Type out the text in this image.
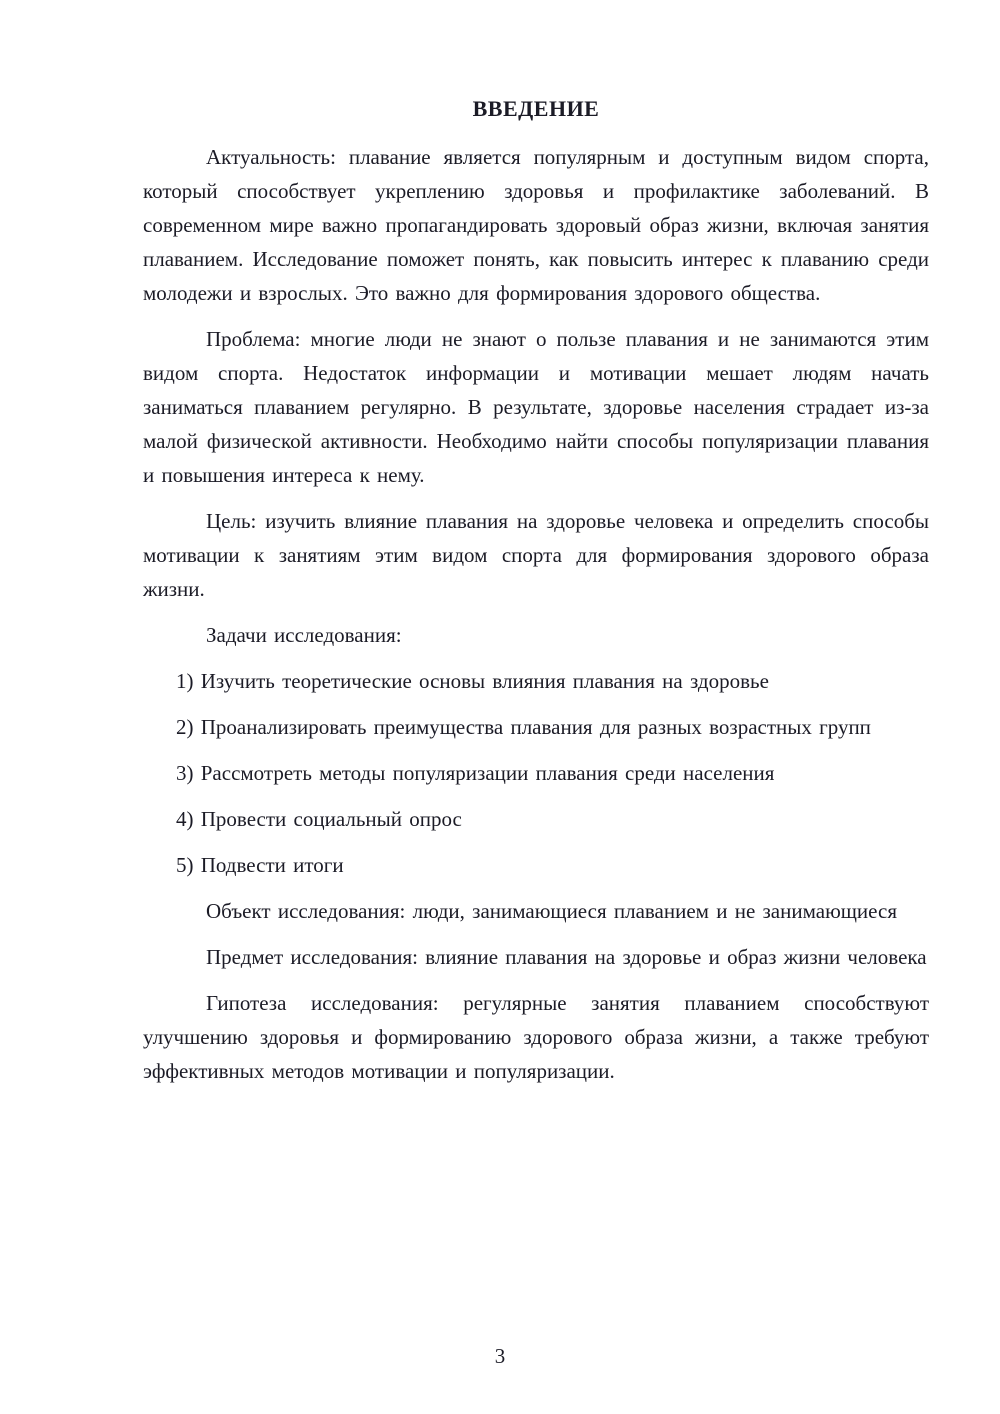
ВВЕДЕНИЕ

Актуальность: плавание является популярным и доступным видом спорта, который способствует укреплению здоровья и профилактике заболеваний. В современном мире важно пропагандировать здоровый образ жизни, включая занятия плаванием. Исследование поможет понять, как повысить интерес к плаванию среди молодежи и взрослых. Это важно для формирования здорового общества.

Проблема: многие люди не знают о пользе плавания и не занимаются этим видом спорта. Недостаток информации и мотивации мешает людям начать заниматься плаванием регулярно. В результате, здоровье населения страдает из-за малой физической активности. Необходимо найти способы популяризации плавания и повышения интереса к нему.

Цель: изучить влияние плавания на здоровье человека и определить способы мотивации к занятиям этим видом спорта для формирования здорового образа жизни.

Задачи исследования:

1) Изучить теоретические основы влияния плавания на здоровье

2) Проанализировать преимущества плавания для разных возрастных групп

3) Рассмотреть методы популяризации плавания среди населения

4) Провести социальный опрос

5) Подвести итоги

Объект исследования: люди, занимающиеся плаванием и не занимающиеся

Предмет исследования: влияние плавания на здоровье и образ жизни человека

Гипотеза исследования: регулярные занятия плаванием способствуют улучшению здоровья и формированию здорового образа жизни, а также требуют эффективных методов мотивации и популяризации.

3
